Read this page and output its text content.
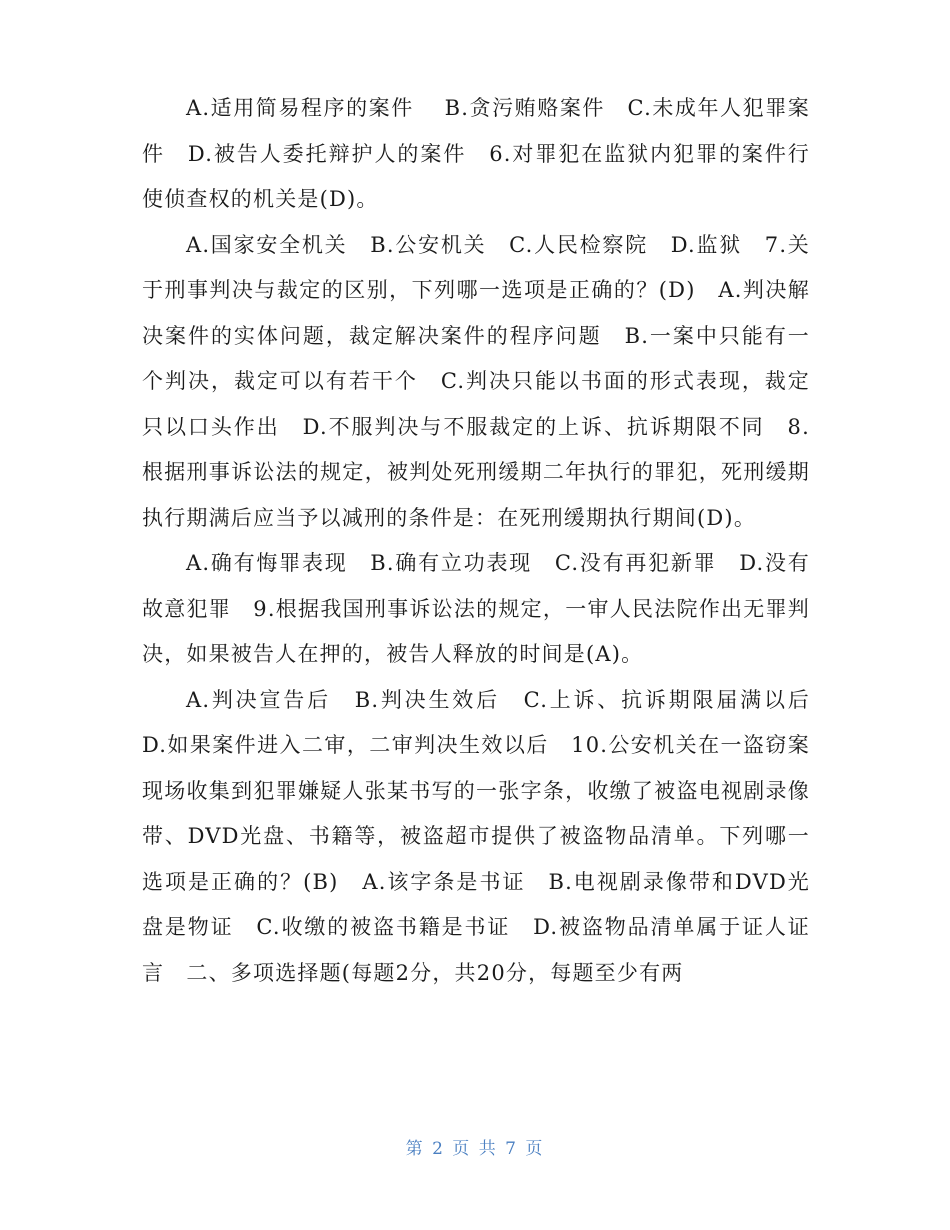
A.适用简易程序的案件　 B.贪污贿赂案件　C.未成年人犯罪案件　D.被告人委托辩护人的案件　6.对罪犯在监狱内犯罪的案件行使侦查权的机关是(D)。

A.国家安全机关　B.公安机关　C.人民检察院　D.监狱　7.关于刑事判决与裁定的区别，下列哪一选项是正确的？(D)　A.判决解决案件的实体问题，裁定解决案件的程序问题　B.一案中只能有一个判决，裁定可以有若干个　C.判决只能以书面的形式表现，裁定只以口头作出　D.不服判决与不服裁定的上诉、抗诉期限不同　8.根据刑事诉讼法的规定，被判处死刑缓期二年执行的罪犯，死刑缓期执行期满后应当予以减刑的条件是：在死刑缓期执行期间(D)。

A.确有悔罪表现　B.确有立功表现　C.没有再犯新罪　D.没有故意犯罪　9.根据我国刑事诉讼法的规定，一审人民法院作出无罪判决，如果被告人在押的，被告人释放的时间是(A)。

A.判决宣告后　B.判决生效后　C.上诉、抗诉期限届满以后　D.如果案件进入二审，二审判决生效以后　10.公安机关在一盗窃案现场收集到犯罪嫌疑人张某书写的一张字条，收缴了被盗电视剧录像带、DVD光盘、书籍等，被盗超市提供了被盗物品清单。下列哪一选项是正确的？(B)　A.该字条是书证　B.电视剧录像带和DVD光盘是物证　C.收缴的被盗书籍是书证　D.被盗物品清单属于证人证言　二、多项选择题(每题2分，共20分，每题至少有两

第 2 页 共 7 页
